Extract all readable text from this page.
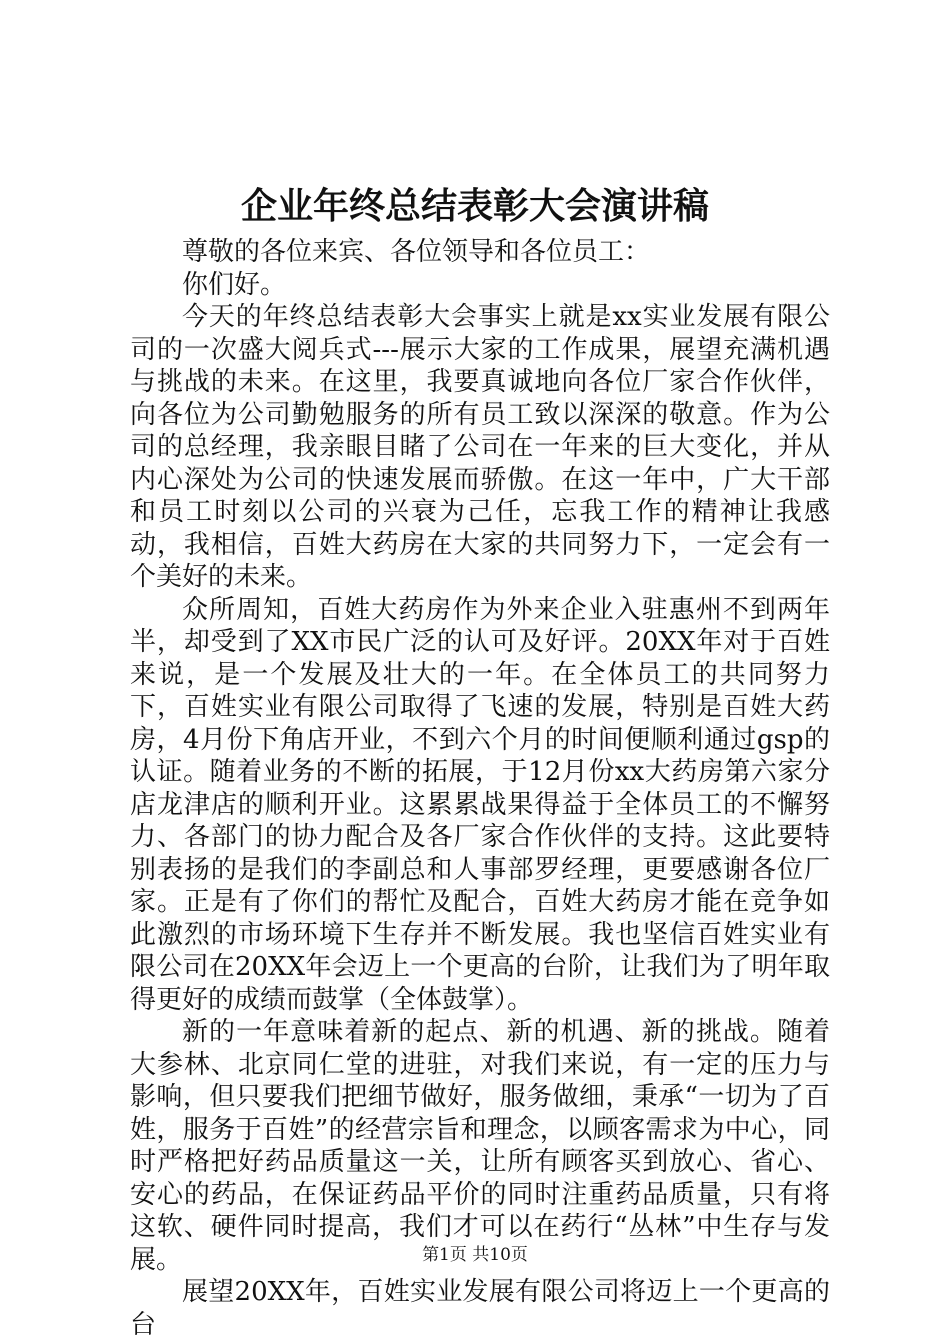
企业年终总结表彰大会演讲稿

尊敬的各位来宾、各位领导和各位员工：

你们好。

今天的年终总结表彰大会事实上就是xx实业发展有限公司的一次盛大阅兵式---展示大家的工作成果，展望充满机遇与挑战的未来。在这里，我要真诚地向各位厂家合作伙伴，向各位为公司勤勉服务的所有员工致以深深的敬意。作为公司的总经理，我亲眼目睹了公司在一年来的巨大变化，并从内心深处为公司的快速发展而骄傲。在这一年中，广大干部和员工时刻以公司的兴衰为己任，忘我工作的精神让我感动，我相信，百姓大药房在大家的共同努力下，一定会有一个美好的未来。

众所周知，百姓大药房作为外来企业入驻惠州不到两年半，却受到了XX市民广泛的认可及好评。20XX年对于百姓来说，是一个发展及壮大的一年。在全体员工的共同努力下，百姓实业有限公司取得了飞速的发展，特别是百姓大药房，4月份下角店开业，不到六个月的时间便顺利通过gsp的认证。随着业务的不断的拓展，于12月份xx大药房第六家分店龙津店的顺利开业。这累累战果得益于全体员工的不懈努力、各部门的协力配合及各厂家合作伙伴的支持。这此要特别表扬的是我们的李副总和人事部罗经理，更要感谢各位厂家。正是有了你们的帮忙及配合，百姓大药房才能在竞争如此激烈的市场环境下生存并不断发展。我也坚信百姓实业有限公司在20XX年会迈上一个更高的台阶，让我们为了明年取得更好的成绩而鼓掌（全体鼓掌）。

新的一年意味着新的起点、新的机遇、新的挑战。随着大参林、北京同仁堂的进驻，对我们来说，有一定的压力与影响，但只要我们把细节做好，服务做细，秉承“一切为了百姓，服务于百姓”的经营宗旨和理念，以顾客需求为中心，同时严格把好药品质量这一关，让所有顾客买到放心、省心、安心的药品，在保证药品平价的同时注重药品质量，只有将这软、硬件同时提高，我们才可以在药行“丛林”中生存与发展。

展望20XX年，百姓实业发展有限公司将迈上一个更高的台

第1页 共10页
